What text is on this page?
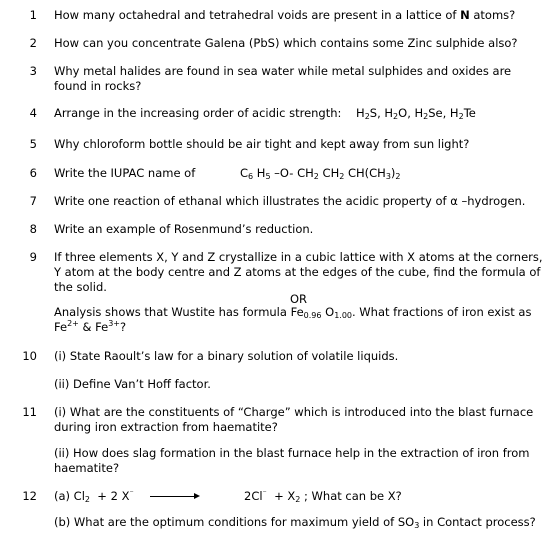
1 How many octahedral and tetrahedral voids are present in a lattice of N atoms?
2 How can you concentrate Galena (PbS) which contains some Zinc sulphide also?
3 Why metal halides are found in sea water while metal sulphides and oxides are found in rocks?
4 Arrange in the increasing order of acidic strength: $H_2S$, $H_2O$, $H_2Se$, $H_2Te$
5 Why chloroform bottle should be air tight and kept away from sun light?
6 Write the IUPAC name of	$C_6$ $H_5$ –O- $CH_2$ $CH_2$ $CH(CH_3)_2$
7 Write one reaction of ethanal which illustrates the acidic property of α –hydrogen.
8 Write an example of Rosenmund’s reduction.
9 If three elements X, Y and Z crystallize in a cubic lattice with X atoms at the corners, Y atom at the body centre and Z atoms at the edges of the cube, find the formula of the solid.
OR
Analysis shows that Wustite has formula $Fe_{0.96}$ $O_{1.00}$. What fractions of iron exist as $Fe^{2+}$ & $Fe^{3+}$?
10 (i) State Raoult’s law for a binary solution of volatile liquids.
(ii) Define Van’t Hoff factor.
11 (i) What are the constituents of “Charge” which is introduced into the blast furnace during iron extraction from haematite?
(ii) How does slag formation in the blast furnace help in the extraction of iron from haematite?
12 (a) $Cl_2 + 2$ X⁻	$2Cl^{^-} + X_2$ ; What can be X?
(b) What are the optimum conditions for maximum yield of $SO_3$ in Contact process?
